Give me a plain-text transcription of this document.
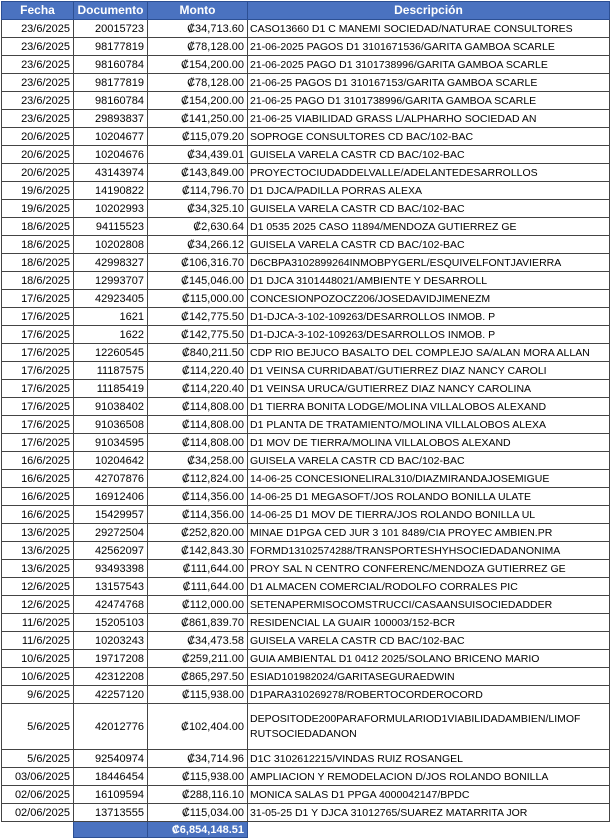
Fecha	Documento	Monto	Descripción
23/6/2025	20015723	₡34,713.60	CASO13660 D1 C MANEMI SOCIEDAD/NATURAE CONSULTORES
23/6/2025	98177819	₡78,128.00	21-06-2025 PAGOS D1 3101671536/GARITA GAMBOA SCARLE
23/6/2025	98160784	₡154,200.00	21-06-2025 PAGO D1 3101738996/GARITA GAMBOA SCARLE
23/6/2025	98177819	₡78,128.00	21-06-25 PAGOS D1 310167153/GARITA GAMBOA SCARLE
23/6/2025	98160784	₡154,200.00	21-06-25 PAGO D1 3101738996/GARITA GAMBOA SCARLE
23/6/2025	29893837	₡141,250.00	21-06-25 VIABILIDAD GRASS L/ALPHARHO SOCIEDAD AN
20/6/2025	10204677	₡115,079.20	SOPROGE CONSULTORES CD BAC/102-BAC
20/6/2025	10204676	₡34,439.01	GUISELA VARELA CASTR CD BAC/102-BAC
20/6/2025	43143974	₡143,849.00	PROYECTOCIUDADDELVALLE/ADELANTEDESARROLLOS
19/6/2025	14190822	₡114,796.70	D1 DJCA/PADILLA PORRAS ALEXA
19/6/2025	10202993	₡34,325.10	GUISELA VARELA CASTR CD BAC/102-BAC
18/6/2025	94115523	₡2,630.64	D1 0535 2025 CASO 11894/MENDOZA GUTIERREZ GE
18/6/2025	10202808	₡34,266.12	GUISELA VARELA CASTR CD BAC/102-BAC
18/6/2025	42998327	₡106,316.70	D6CBPA3102899264INMOBPYGERL/ESQUIVELFONTJAVIERRA
18/6/2025	12993707	₡145,046.00	D1 DJCA 3101448021/AMBIENTE Y DESARROLL
17/6/2025	42923405	₡115,000.00	CONCESIONPOZOCZ206/JOSEDAVIDJIMENEZM
17/6/2025	1621	₡142,775.50	D1-DJCA-3-102-109263/DESARROLLOS INMOB. P
17/6/2025	1622	₡142,775.50	D1-DJCA-3-102-109263/DESARROLLOS INMOB. P
17/6/2025	12260545	₡840,211.50	CDP RIO BEJUCO BASALTO DEL COMPLEJO SA/ALAN MORA ALLAN
17/6/2025	11187575	₡114,220.40	D1 VEINSA CURRIDABAT/GUTIERREZ DIAZ NANCY CAROLI
17/6/2025	11185419	₡114,220.40	D1 VEINSA URUCA/GUTIERREZ DIAZ NANCY CAROLINA
17/6/2025	91038402	₡114,808.00	D1 TIERRA BONITA LODGE/MOLINA VILLALOBOS ALEXAND
17/6/2025	91036508	₡114,808.00	D1 PLANTA DE TRATAMIENTO/MOLINA VILLALOBOS ALEXA
17/6/2025	91034595	₡114,808.00	D1 MOV DE TIERRA/MOLINA VILLALOBOS ALEXAND
16/6/2025	10204642	₡34,258.00	GUISELA VARELA CASTR CD BAC/102-BAC
16/6/2025	42707876	₡112,824.00	14-06-25 CONCESIONELIRAL310/DIAZMIRANDAJOSEMIGUE
16/6/2025	16912406	₡114,356.00	14-06-25 D1 MEGASOFT/JOS ROLANDO BONILLA ULATE
16/6/2025	15429957	₡114,356.00	14-06-25 D1 MOV DE TIERRA/JOS ROLANDO BONILLA UL
13/6/2025	29272504	₡252,820.00	MINAE D1PGA CED JUR 3 101 8489/CIA PROYEC AMBIEN.PR
13/6/2025	42562097	₡142,843.30	FORMD13102574288/TRANSPORTESHYHSOCIEDADANONIMA
13/6/2025	93493398	₡111,644.00	PROY SAL N CENTRO CONFERENC/MENDOZA GUTIERREZ GE
12/6/2025	13157543	₡111,644.00	D1 ALMACEN COMERCIAL/RODOLFO CORRALES PIC
12/6/2025	42474768	₡112,000.00	SETENAPERMISOCOMSTRUCCI/CASAANSUISOCIEDADDER
11/6/2025	15205103	₡861,839.70	RESIDENCIAL LA GUAIR 100003/152-BCR
11/6/2025	10203243	₡34,473.58	GUISELA VARELA CASTR CD BAC/102-BAC
10/6/2025	19717208	₡259,211.00	GUIA AMBIENTAL D1 0412 2025/SOLANO BRICENO MARIO
10/6/2025	42312208	₡865,297.50	ESIAD101982024/GARITASEGURAEDWIN
9/6/2025	42257120	₡115,938.00	D1PARA310269278/ROBERTOCORDEROCORD
5/6/2025	42012776	₡102,404.00	DEPOSITODE200PARAFORMULARIOD1VIABILIDADAMBIEN/LIMOF RUTSOCIEDADANON
5/6/2025	92540974	₡34,714.96	D1C 3102612215/VINDAS RUIZ ROSANGEL
03/06/2025	18446454	₡115,938.00	AMPLIACION Y REMODELACION D/JOS ROLANDO BONILLA
02/06/2025	16109594	₡288,116.10	MONICA SALAS D1 PPGA 4000042147/BPDC
02/06/2025	13713555	₡115,034.00	31-05-25 D1 Y DJCA 31012765/SUAREZ MATARRITA JOR
		₡6,854,148.51	
